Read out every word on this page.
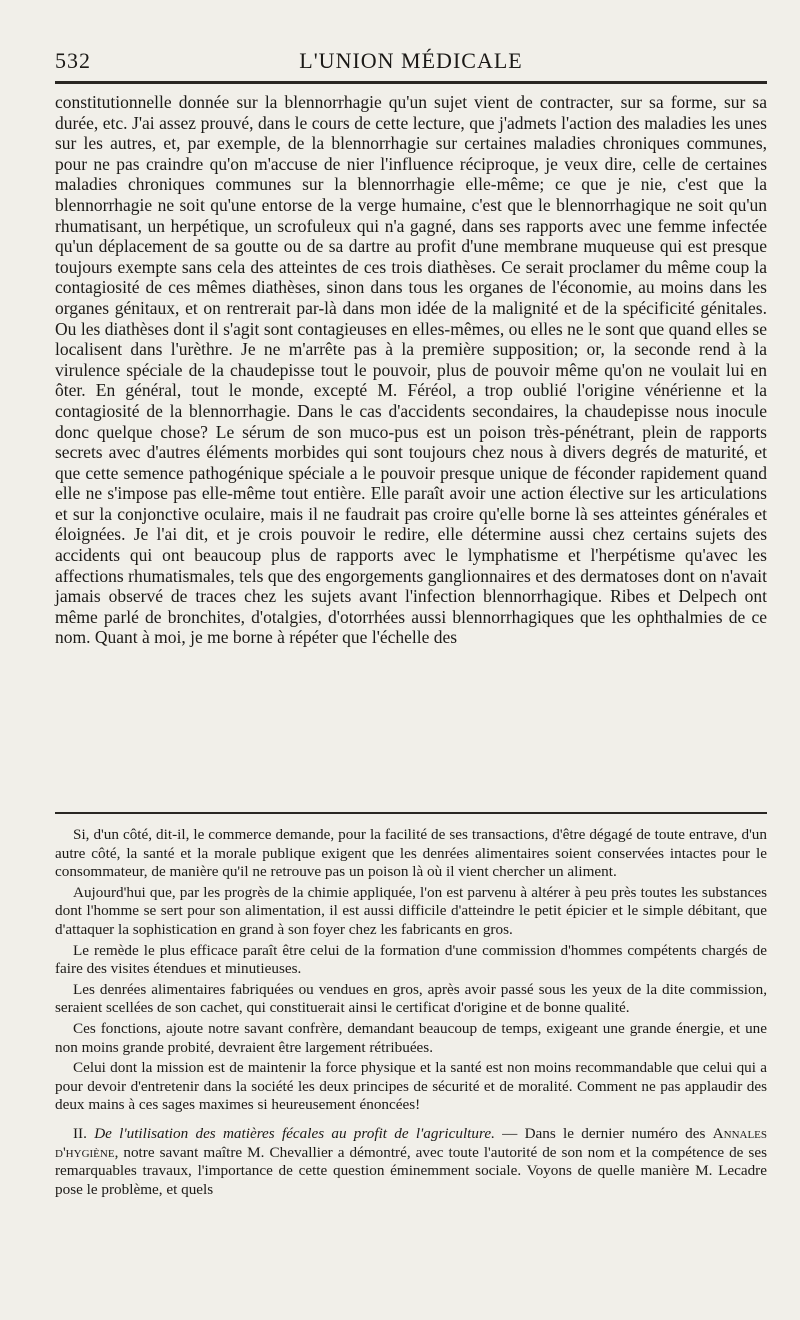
532	L'UNION MÉDICALE

constitutionnelle donnée sur la blennorrhagie qu'un sujet vient de contracter, sur sa forme, sur sa durée, etc. J'ai assez prouvé, dans le cours de cette lecture, que j'admets l'action des maladies les unes sur les autres, et, par exemple, de la blennorrhagie sur certaines maladies chroniques communes, pour ne pas craindre qu'on m'accuse de nier l'influence réciproque, je veux dire, celle de certaines maladies chroniques communes sur la blennorrhagie elle-même; ce que je nie, c'est que la blennorrhagie ne soit qu'une entorse de la verge humaine, c'est que le blennorrhagique ne soit qu'un rhumatisant, un herpétique, un scrofuleux qui n'a gagné, dans ses rapports avec une femme infectée qu'un déplacement de sa goutte ou de sa dartre au profit d'une membrane muqueuse qui est presque toujours exempte sans cela des atteintes de ces trois diathèses. Ce serait proclamer du même coup la contagiosité de ces mêmes diathèses, sinon dans tous les organes de l'économie, au moins dans les organes génitaux, et on rentrerait par-là dans mon idée de la malignité et de la spécificité génitales. Ou les diathèses dont il s'agit sont contagieuses en elles-mêmes, ou elles ne le sont que quand elles se localisent dans l'urèthre. Je ne m'arrête pas à la première supposition; or, la seconde rend à la virulence spéciale de la chaudepisse tout le pouvoir, plus de pouvoir même qu'on ne voulait lui en ôter. En général, tout le monde, excepté M. Féréol, a trop oublié l'origine vénérienne et la contagiosité de la blennorrhagie. Dans le cas d'accidents secondaires, la chaudepisse nous inocule donc quelque chose? Le sérum de son muco-pus est un poison très-pénétrant, plein de rapports secrets avec d'autres éléments morbides qui sont toujours chez nous à divers degrés de maturité, et que cette semence pathogénique spéciale a le pouvoir presque unique de féconder rapidement quand elle ne s'impose pas elle-même tout entière. Elle paraît avoir une action élective sur les articulations et sur la conjonctive oculaire, mais il ne faudrait pas croire qu'elle borne là ses atteintes générales et éloignées. Je l'ai dit, et je crois pouvoir le redire, elle détermine aussi chez certains sujets des accidents qui ont beaucoup plus de rapports avec le lymphatisme et l'herpétisme qu'avec les affections rhumatismales, tels que des engorgements ganglionnaires et des dermatoses dont on n'avait jamais observé de traces chez les sujets avant l'infection blennorrhagique. Ribes et Delpech ont même parlé de bronchites, d'otalgies, d'otorrhées aussi blennorrhagiques que les ophthalmies de ce nom. Quant à moi, je me borne à répéter que l'échelle des

Si, d'un côté, dit-il, le commerce demande, pour la facilité de ses transactions, d'être dégagé de toute entrave, d'un autre côté, la santé et la morale publique exigent que les denrées alimentaires soient conservées intactes pour le consommateur, de manière qu'il ne retrouve pas un poison là où il vient chercher un aliment.

Aujourd'hui que, par les progrès de la chimie appliquée, l'on est parvenu à altérer à peu près toutes les substances dont l'homme se sert pour son alimentation, il est aussi difficile d'atteindre le petit épicier et le simple débitant, que d'attaquer la sophistication en grand à son foyer chez les fabricants en gros.

Le remède le plus efficace paraît être celui de la formation d'une commission d'hommes compétents chargés de faire des visites étendues et minutieuses.

Les denrées alimentaires fabriquées ou vendues en gros, après avoir passé sous les yeux de la dite commission, seraient scellées de son cachet, qui constituerait ainsi le certificat d'origine et de bonne qualité.

Ces fonctions, ajoute notre savant confrère, demandant beaucoup de temps, exigeant une grande énergie, et une non moins grande probité, devraient être largement rétribuées.

Celui dont la mission est de maintenir la force physique et la santé est non moins recommandable que celui qui a pour devoir d'entretenir dans la société les deux principes de sécurité et de moralité. Comment ne pas applaudir des deux mains à ces sages maximes si heureusement énoncées!

II. De l'utilisation des matières fécales au profit de l'agriculture. — Dans le dernier numéro des Annales d'hygiène, notre savant maître M. Chevallier a démontré, avec toute l'autorité de son nom et la compétence de ses remarquables travaux, l'importance de cette question éminemment sociale. Voyons de quelle manière M. Lecadre pose le problème, et quels
